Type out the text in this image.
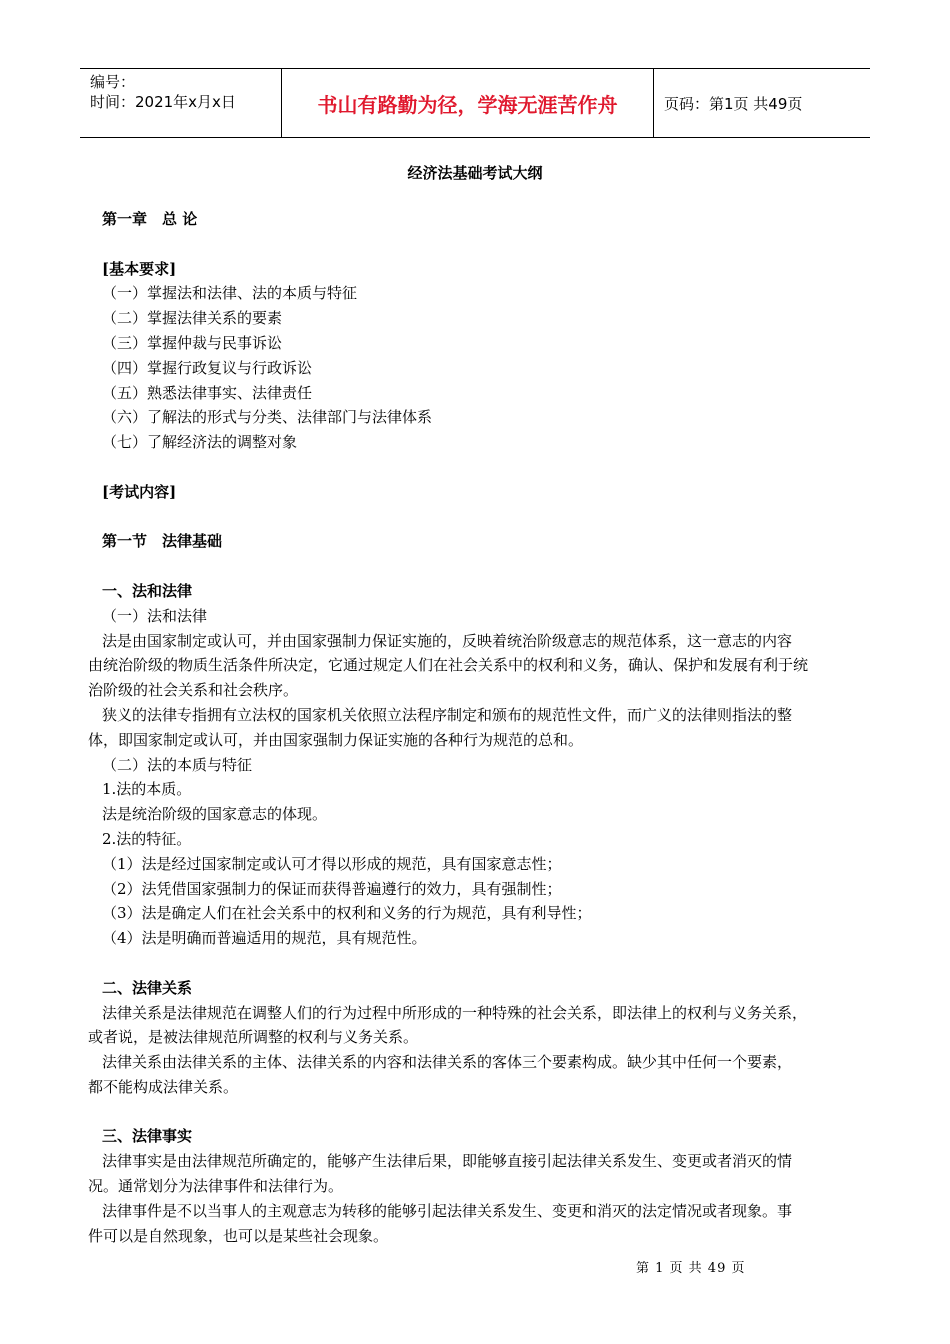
编号：
时间：2021年x月x日	书山有路勤为径，学海无涯苦作舟	页码：第1页 共49页
经济法基础考试大纲

第一章　总 论

[基本要求]

（一）掌握法和法律、法的本质与特征

（二）掌握法律关系的要素

（三）掌握仲裁与民事诉讼

（四）掌握行政复议与行政诉讼

（五）熟悉法律事实、法律责任

（六）了解法的形式与分类、法律部门与法律体系

（七）了解经济法的调整对象

[考试内容]

第一节　法律基础

一、法和法律

（一）法和法律

法是由国家制定或认可，并由国家强制力保证实施的，反映着统治阶级意志的规范体系，这一意志的内容

由统治阶级的物质生活条件所决定，它通过规定人们在社会关系中的权利和义务，确认、保护和发展有利于统

治阶级的社会关系和社会秩序。

狭义的法律专指拥有立法权的国家机关依照立法程序制定和颁布的规范性文件，而广义的法律则指法的整

体，即国家制定或认可，并由国家强制力保证实施的各种行为规范的总和。

（二）法的本质与特征

1.法的本质。

法是统治阶级的国家意志的体现。

2.法的特征。

（1）法是经过国家制定或认可才得以形成的规范，具有国家意志性；

（2）法凭借国家强制力的保证而获得普遍遵行的效力，具有强制性；

（3）法是确定人们在社会关系中的权利和义务的行为规范，具有利导性；

（4）法是明确而普遍适用的规范，具有规范性。

二、法律关系

法律关系是法律规范在调整人们的行为过程中所形成的一种特殊的社会关系，即法律上的权利与义务关系，

或者说，是被法律规范所调整的权利与义务关系。

法律关系由法律关系的主体、法律关系的内容和法律关系的客体三个要素构成。缺少其中任何一个要素，

都不能构成法律关系。

三、法律事实

法律事实是由法律规范所确定的，能够产生法律后果，即能够直接引起法律关系发生、变更或者消灭的情

况。通常划分为法律事件和法律行为。

法律事件是不以当事人的主观意志为转移的能够引起法律关系发生、变更和消灭的法定情况或者现象。事

件可以是自然现象，也可以是某些社会现象。

第 1 页 共 49 页
